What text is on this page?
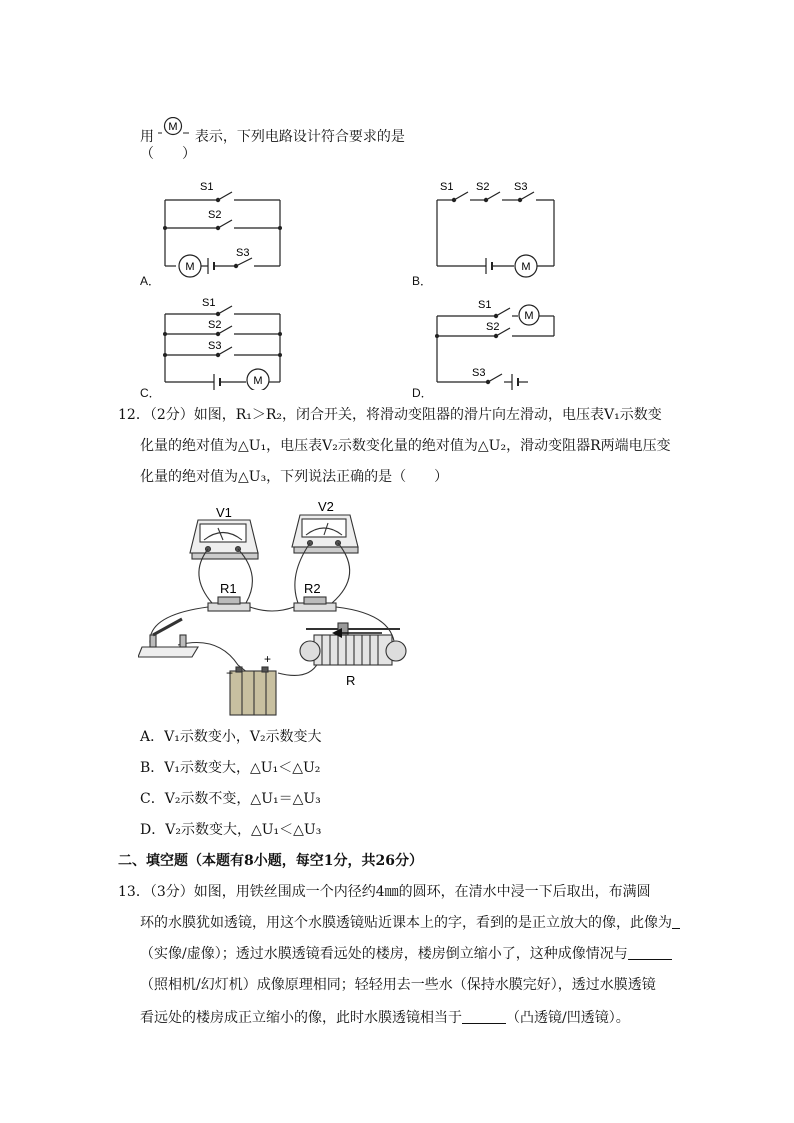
用
M
表示，下列电路设计符合要求的是
（　　）
M
S1
S2
S3
A．
M
S1 S2 S3
B．
M
S1
S2
S3
C．
M
S1
S2
S3
D．
12．（2分）如图，R₁＞R₂，闭合开关，将滑动变阻器的滑片向左滑动，电压表V₁示数变
化量的绝对值为△U₁，电压表V₂示数变化量的绝对值为△U₂，滑动变阻器R两端电压变
化量的绝对值为△U₃，下列说法正确的是（　　）
V1	V2
R1	R2
R
+
−
A．V₁示数变小，V₂示数变大
B．V₁示数变大，△U₁＜△U₂
C．V₂示数不变，△U₁＝△U₃
D．V₂示数变大，△U₁＜△U₃
二、填空题（本题有8小题，每空1分，共26分）
13．（3分）如图，用铁丝围成一个内径约4㎜的圆环，在清水中浸一下后取出，布满圆
环的水膜犹如透镜，用这个水膜透镜贴近课本上的字，看到的是正立放大的像，此像为
（实像/虚像）；透过水膜透镜看远处的楼房，楼房倒立缩小了，这种成像情况与
（照相机/幻灯机）成像原理相同；轻轻用去一些水（保持水膜完好），透过水膜透镜
看远处的楼房成正立缩小的像，此时水膜透镜相当于	（凸透镜/凹透镜）。
